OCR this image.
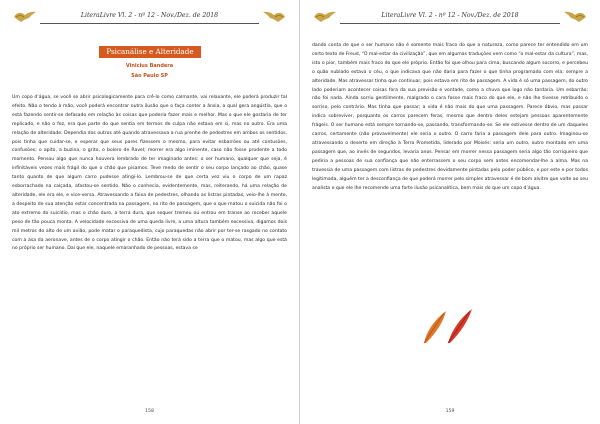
LiteraLivre Vl. 2 - nº 12 - Nov./Dez. de 2018
Psicanálise e Alteridade
Vinicius Bandera
São Paulo SP

Um copo d’água, se você se abrir psicologicamente para crê-lo como calmante, vai relaxante, ele poderá produzir tal efeito. Não o tendo à mão, você poderá encontrar outra ilusão que o faça conter a ânsia, a qual gera angústia, que o está fazendo sentir-se defasado em relação às coisas que poderia fazer mais e melhor. Mas o que ele gostaria de ter replicado, e não o fez, era que parte do que sentia em termos de culpa não estava em si, mas no outro. Era uma relação de alteridade. Dependia dos outros até quando atravessava a rua prenhe de pedestres em ambos os sentidos, pois tinha que cuidar-se, e esperar que seus pares fizessem o mesmo, para evitar esbarrões ou até contusões, confusões; o apito, a buzina, o grito, o bolero de Ravel; morrer era algo iminente, caso não fosse prudente a todo momento. Pensou algo que nunca houvera lembrado de ter imaginado antes: o ser humano, qualquer que seja, é infinitáveis vezes mais frágil do que o chão que pisamos. Teve medo de sentir o seu corpo lançado ao chão, quase tanto quanto de que algum carro pudesse atingi-lo. Lembrou-se de que certa vez viu o corpo de um rapaz esborrachado na calçada, afastou-se sentido. Não o conhecia, evidentemente, mas, reiterando, há uma relação de alteridade, ele era ele, e vice-versa. Atravessando a faixa de pedestres, olhando as listras pintadas, veio-lhe à mente, a despeito de sua atenção estar concentrada na passagem, no rito de passagem, que o que matou o suicida não foi o ato extremo do suicídio, mas o chão duro, a terra dura, que sequer tremeu ou entrou em transe ao receber aquele peso de tão pouca monta. A velocidade excessiva de uma queda livre, a uma altura também excessiva, digamos dois mil metros do alto de um avião, pode matar o paraquedista, cujo paraquedas não abrir por ter-se rasgado no contato com a asa da aeronave, antes de o corpo atingir o chão. Então não terá sido a terra que o matou, mas algo que está no próprio ser humano. Daí que ele, naquele emaranhado de pessoas, estava se

158
LiteraLivre Vl. 2 - nº 12 - Nov./Dez. de 2018

dando conta de que o ser humano não é somente mais fraco do que a natureza, como parece ter entendido em um certo texto de Freud, “O mal-estar da civilização”, que em algumas traduções vem como “o mal-estar da cultura”, mas, isto o pior, também mais fraco do que ele próprio. Então foi que olhou para cima, buscando algum socorro, e percebeu o quão nublado estava o céu, o que indicava que não daria para fazer o que tinha programado com ela; sempre a alteridade. Mas atravessar tinha que continuar, pois estava em rito de passagem. A vida é só uma passagem, do outro lado poderiam acontecer coisas fora da sua previsão e vontade, como a chuva que logo não tardaria. Um esbarrão; não foi nada. Ainda sorriu gentilmente, malgrado o cara fosse mais fraco do que ele, e não lhe tivesse retribuído o sorriso, pelo contrário. Mas tinha que passar; a vida é não mais do que uma passagem. Parece óbvio, mas passar indica sobreviver, porquanto os carros parecem feras, mesmo que dentro deles estejam pessoas aparentemente frágeis. O ser humano está sempre tornando-se, passando, transformando-se. Se ele estivesse dentro de um daqueles carros, certamente (não provavelmente) ele seria o outro. O carro faria a passagem dele para outro. Imaginou-se atravessando o deserto em direção à Terra Prometida, liderado por Moisés: seria um outro, outro montado em uma passagem que, ao invés de segundos, levaria anos. Pensar em morrer nessa passagem seria algo tão corriqueiro que pediria a pessoas de sua confiança que não enterrassem o seu corpo sem antes encomendar-lhe a alma. Mas na travessia de uma passagem com listras de pedestres devidamente pintadas pelo poder público, e por este e por todos legitimada, alguém ter a desconfiança de que poderá morrer pelo simples atravessar é de bom alvitre que volte ao seu analista e que ele lhe recomende uma forte ilusão psicanalítica, bem mais do que um copo d’água.

159
